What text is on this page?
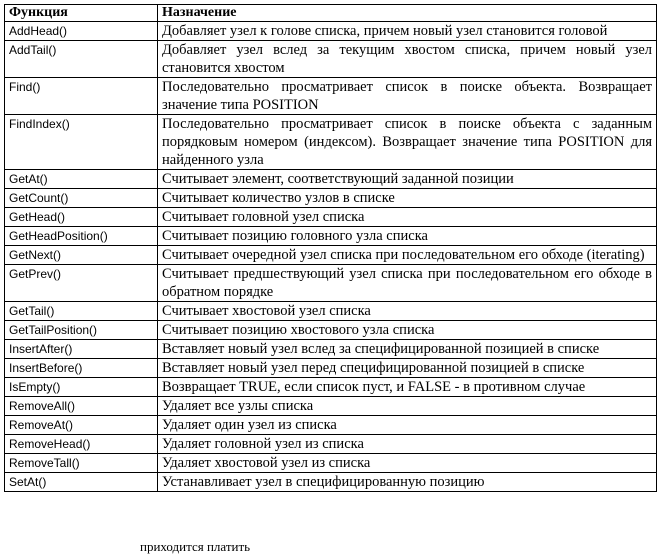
Функция	Назначение
AddHead()	Добавляет узел к голове списка, причем новый узел становится головой
AddTail()	Добавляет узел вслед за текущим хвостом списка, причем новый узел становится хвостом
Find()	Последовательно просматривает список в поиске объекта. Возвращает значение типа POSITION
FindIndex()	Последовательно просматривает список в поиске объекта с заданным порядковым номером (индексом). Возвращает значение типа POSITION для найденного узла
GetAt()	Считывает элемент, соответствующий заданной позиции
GetCount()	Считывает количество узлов в списке
GetHead()	Считывает головной узел списка
GetHeadPosition()	Считывает позицию головного узла списка
GetNext()	Считывает очередной узел списка при последовательном его обходе (iterating)
GetPrev()	Считывает предшествующий узел списка при последовательном его обходе в обратном порядке
GetTail()	Считывает хвостовой узел списка
GetTailPosition()	Считывает позицию хвостового узла списка
InsertAfter()	Вставляет новый узел вслед за специфицированной позицией в списке
InsertBefore()	Вставляет новый узел перед специфицированной позицией в списке
IsEmpty()	Возвращает TRUE, если список пуст, и FALSE - в противном случае
RemoveAll()	Удаляет все узлы списка
RemoveAt()	Удаляет один узел из списка
RemoveHead()	Удаляет головной узел из списка
RemoveTall()	Удаляет хвостовой узел из списка
SetAt()	Устанавливает узел в специфицированную позицию
приходится платить
